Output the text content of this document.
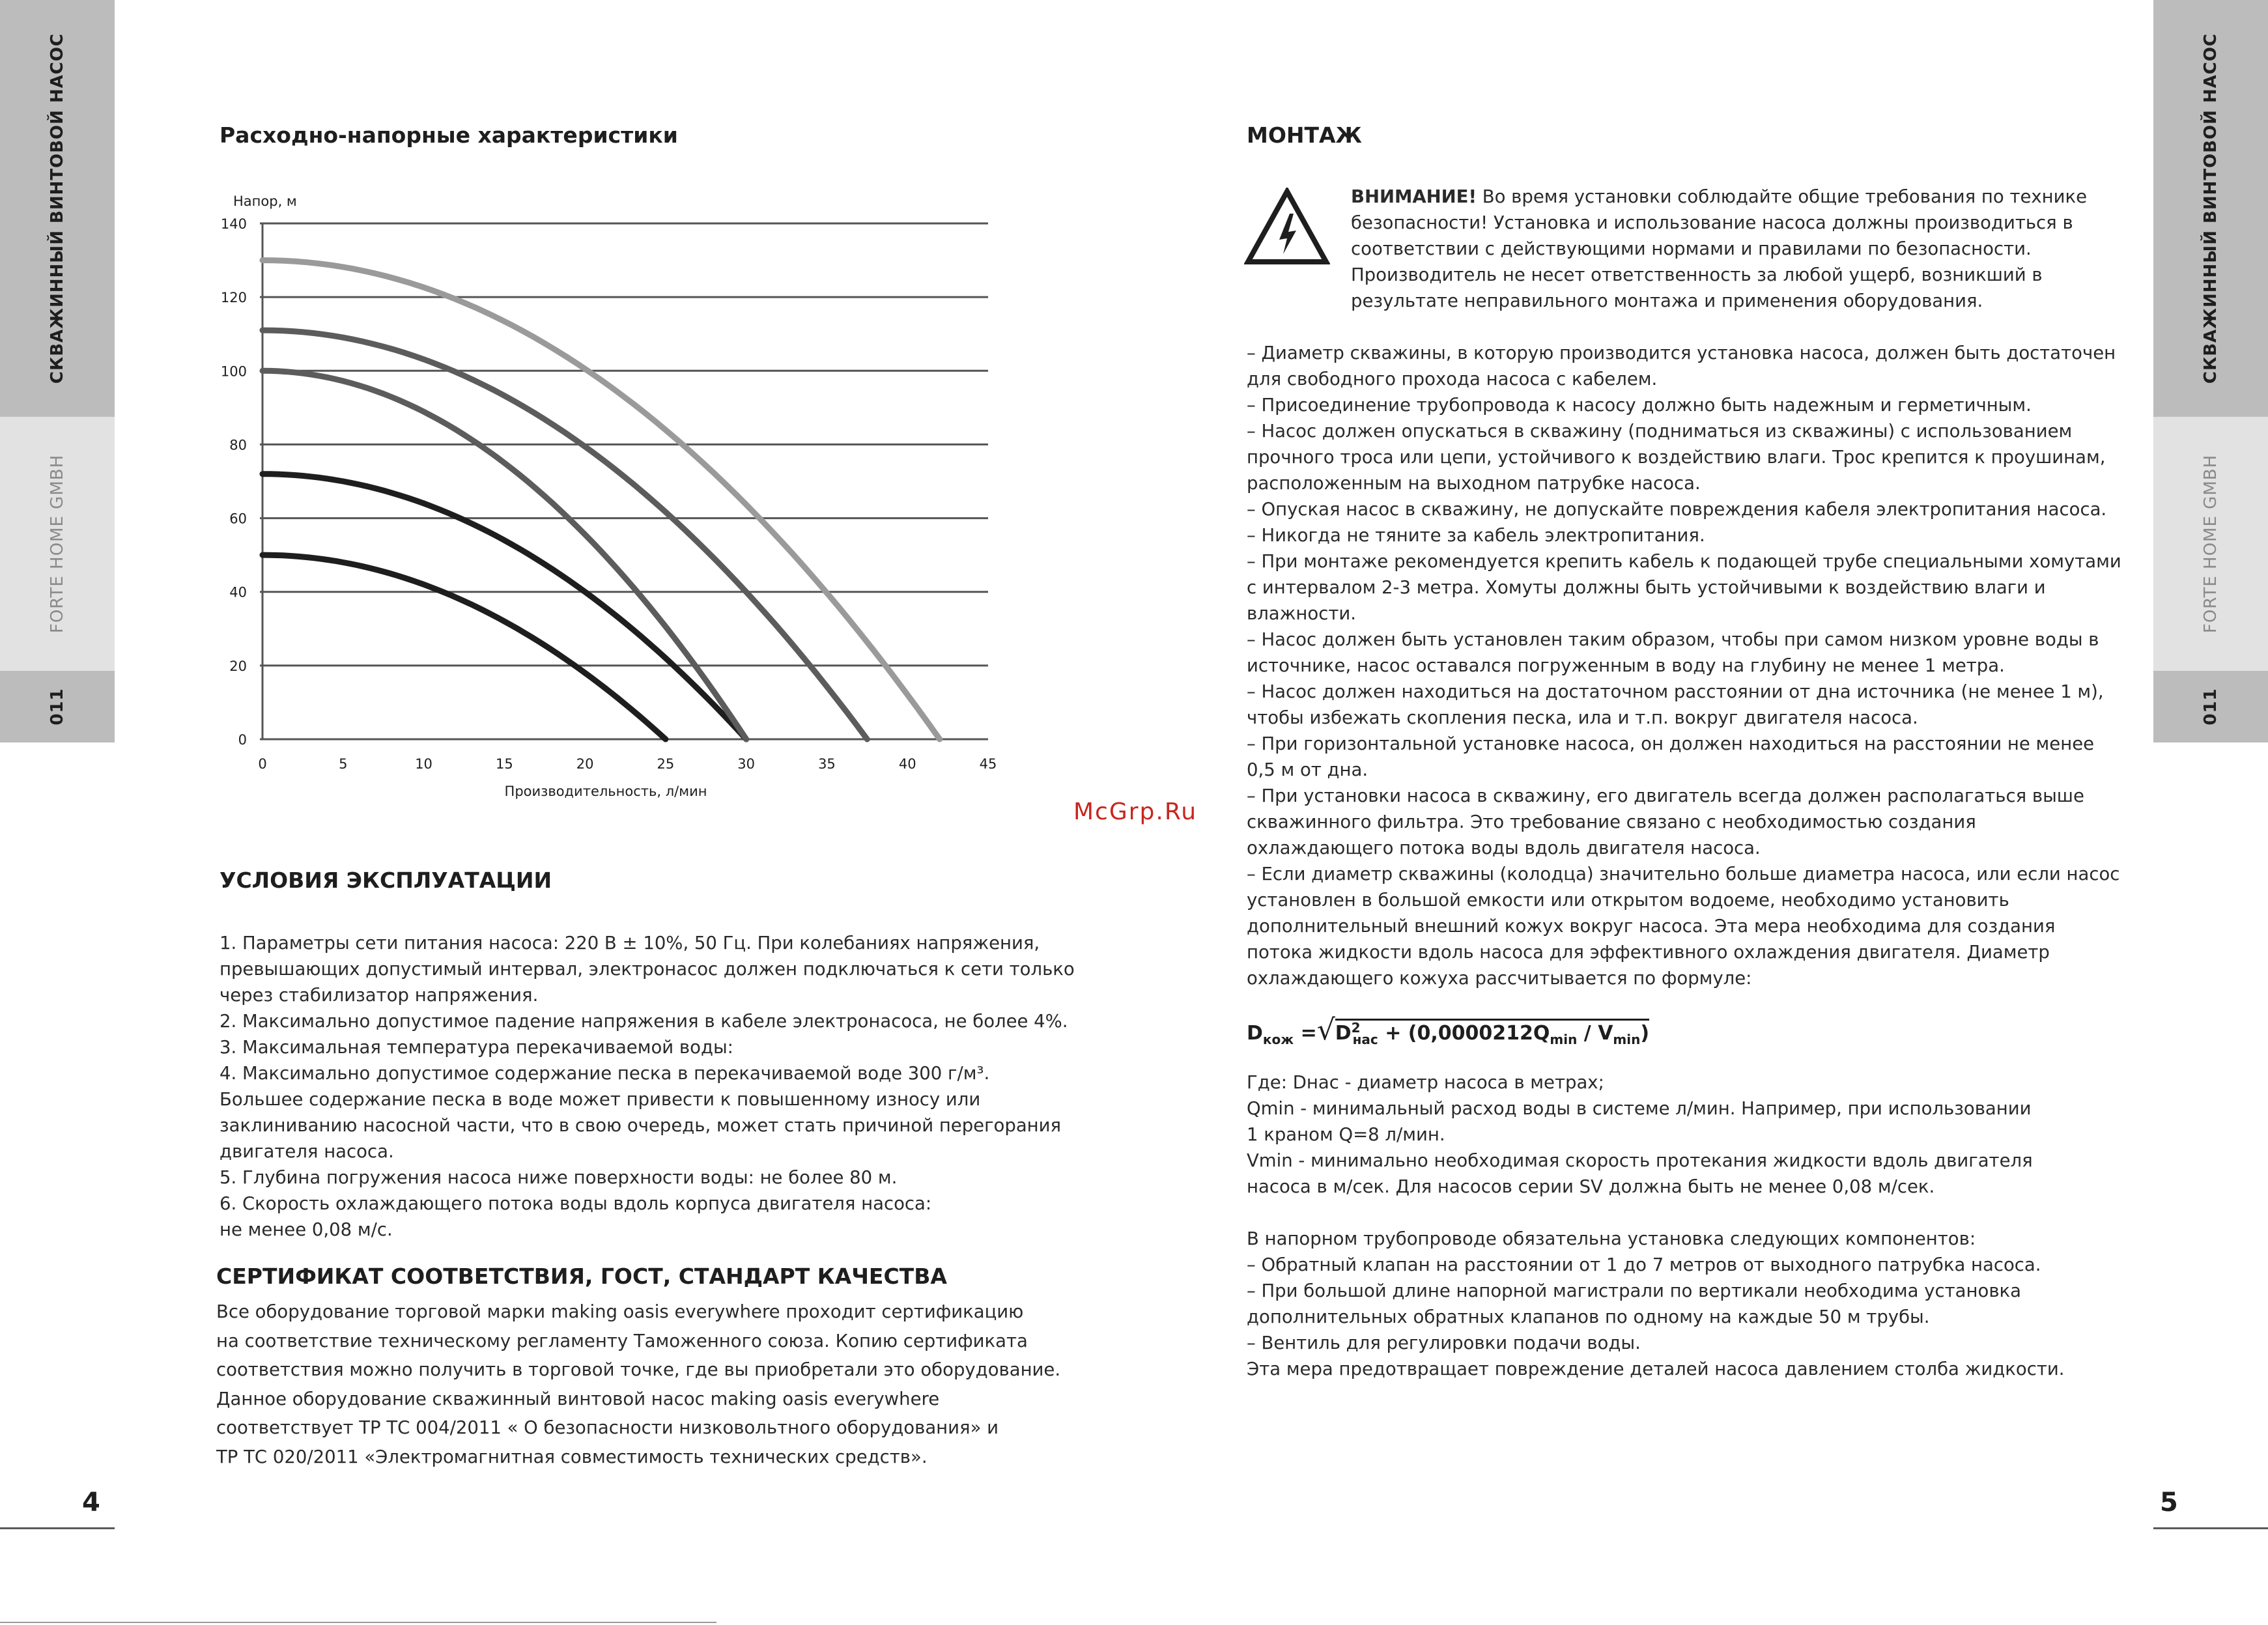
СКВАЖИННЫЙ ВИНТОВОЙ НАСОС
FORTE HOME GMBH
011
СКВАЖИННЫЙ ВИНТОВОЙ НАСОС
FORTE HOME GMBH
011
Расходно-напорные характеристики
0
20
40
60
80
100
120
140
0	5	10	15	20	25	30	35	40	45
Напор, м
Производительность, л/мин
УСЛОВИЯ ЭКСПЛУАТАЦИИ

1. Параметры сети питания насоса: 220 В ± 10%, 50 Гц. При колебаниях напряжения,

превышающих допустимый интервал, электронасос должен подключаться к сети только

через стабилизатор напряжения.

2. Максимально допустимое падение напряжения в кабеле электронасоса, не более 4%.

3. Максимальная температура перекачиваемой воды:

4. Максимально допустимое содержание песка в перекачиваемой воде 300 г/м³.

Большее содержание песка в воде может привести к повышенному износу или

заклиниванию насосной части, что в свою очередь, может стать причиной перегорания

двигателя насоса.

5. Глубина погружения насоса ниже поверхности воды: не более 80 м.

6. Скорость охлаждающего потока воды вдоль корпуса двигателя насоса:

не менее 0,08 м/с.

СЕРТИФИКАТ СООТВЕТСТВИЯ, ГОСТ, СТАНДАРТ КАЧЕСТВА

Все оборудование торговой марки making oasis everywhere проходит сертификацию

на соответствие техническому регламенту Таможенного союза. Копию сертификата

соответствия можно получить в торговой точке, где вы приобретали это оборудование.

Данное оборудование скважинный винтовой насос making oasis everywhere

соответствует ТР ТС 004/2011 « О безопасности низковольтного оборудования» и

ТР ТС 020/2011 «Электромагнитная совместимость технических средств».

4
McGrp.Ru
МОНТАЖ

ВНИМАНИЕ! Во время установки соблюдайте общие требования по технике

безопасности! Установка и использование насоса должны производиться в

соответствии с действующими нормами и правилами по безопасности.

Производитель не несет ответственность за любой ущерб, возникший в

результате неправильного монтажа и применения оборудования.

– Диаметр скважины, в которую производится установка насоса, должен быть достаточен

для свободного прохода насоса с кабелем.

– Присоединение трубопровода к насосу должно быть надежным и герметичным.

– Насос должен опускаться в скважину (подниматься из скважины) с использованием

прочного троса или цепи, устойчивого к воздействию влаги. Трос крепится к проушинам,

расположенным на выходном патрубке насоса.

– Опуская насос в скважину, не допускайте повреждения кабеля электропитания насоса.

– Никогда не тяните за кабель электропитания.

– При монтаже рекомендуется крепить кабель к подающей трубе специальными хомутами

с интервалом 2-3 метра. Хомуты должны быть устойчивыми к воздействию влаги и

влажности.

– Насос должен быть установлен таким образом, чтобы при самом низком уровне воды в

источнике, насос оставался погруженным в воду на глубину не менее 1 метра.

– Насос должен находиться на достаточном расстоянии от дна источника (не менее 1 м),

чтобы избежать скопления песка, ила и т.п. вокруг двигателя насоса.

– При горизонтальной установке насоса, он должен находиться на расстоянии не менее

0,5 м от дна.

– При установки насоса в скважину, его двигатель всегда должен располагаться выше

скважинного фильтра. Это требование связано с необходимостью создания

охлаждающего потока воды вдоль двигателя насоса.

– Если диаметр скважины (колодца) значительно больше диаметра насоса, или если насос

установлен в большой емкости или открытом водоеме, необходимо установить

дополнительный внешний кожух вокруг насоса. Эта мера необходима для создания

потока жидкости вдоль насоса для эффективного охлаждения двигателя. Диаметр

охлаждающего кожуха рассчитывается по формуле:

$D_{кож} =√D^2_{нас} + (0,0000212Q_{min} / V_{min})$

Где: Dнас - диаметр насоса в метрах;

Qmin - минимальный расход воды в системе л/мин. Например, при использовании

1 краном Q=8 л/мин.

Vmin - минимально необходимая скорость протекания жидкости вдоль двигателя

насоса в м/сек. Для насосов серии SV должна быть не менее 0,08 м/сек.

В напорном трубопроводе обязательна установка следующих компонентов:

– Обратный клапан на расстоянии от 1 до 7 метров от выходного патрубка насоса.

– При большой длине напорной магистрали по вертикали необходима установка

дополнительных обратных клапанов по одному на каждые 50 м трубы.

– Вентиль для регулировки подачи воды.

Эта мера предотвращает повреждение деталей насоса давлением столба жидкости.

5
